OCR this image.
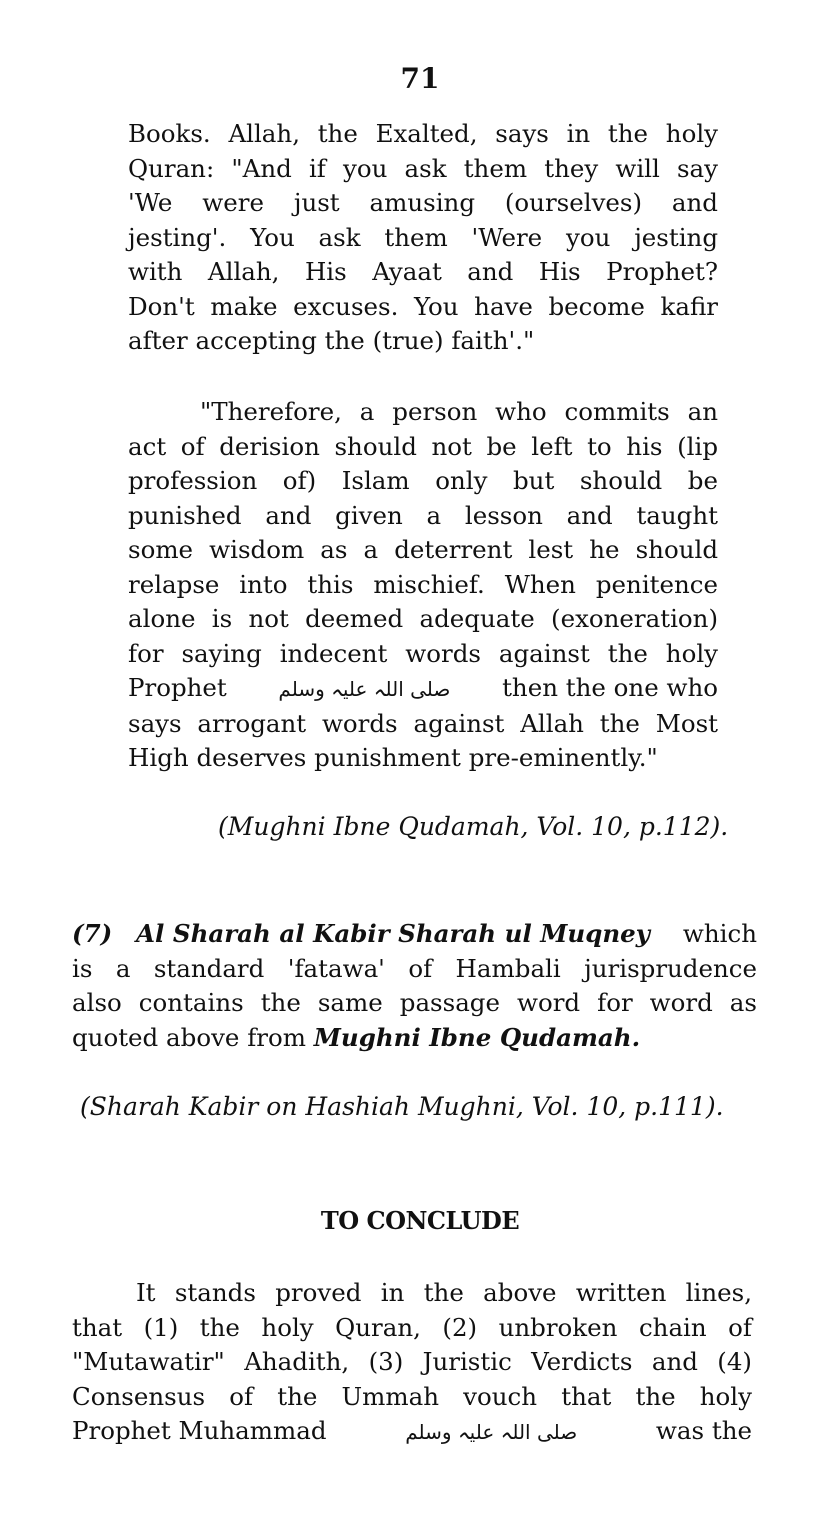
71
Books. Allah, the Exalted, says in the holy
Quran: "And if you ask them they will say
'We were just amusing (ourselves) and
jesting'. You ask them 'Were you jesting
with Allah, His Ayaat and His Prophet?
Don't make excuses. You have become kafir
after accepting the (true) faith'."
"Therefore, a person who commits an
act of derision should not be left to his (lip
profession of) Islam only but should be
punished and given a lesson and taught
some wisdom as a deterrent lest he should
relapse into this mischief. When penitence
alone is not deemed adequate (exoneration)
for saying indecent words against the holy
Prophet	صلی اللہ علیہ وسلم	then the one who
says arrogant words against Allah the Most
High deserves punishment pre-eminently."
(Mughni Ibne Qudamah, Vol. 10, p.112).
(7) Al Sharah al Kabir Sharah ul Muqney which
is a standard 'fatawa' of Hambali jurisprudence
also contains the same passage word for word as
quoted above from Mughni Ibne Qudamah.
(Sharah Kabir on Hashiah Mughni, Vol. 10, p.111).
TO CONCLUDE
It stands proved in the above written lines,
that (1) the holy Quran, (2) unbroken chain of
"Mutawatir" Ahadith, (3) Juristic Verdicts and (4)
Consensus of the Ummah vouch that the holy
Prophet Muhammad	صلی اللہ علیہ وسلم	was the
